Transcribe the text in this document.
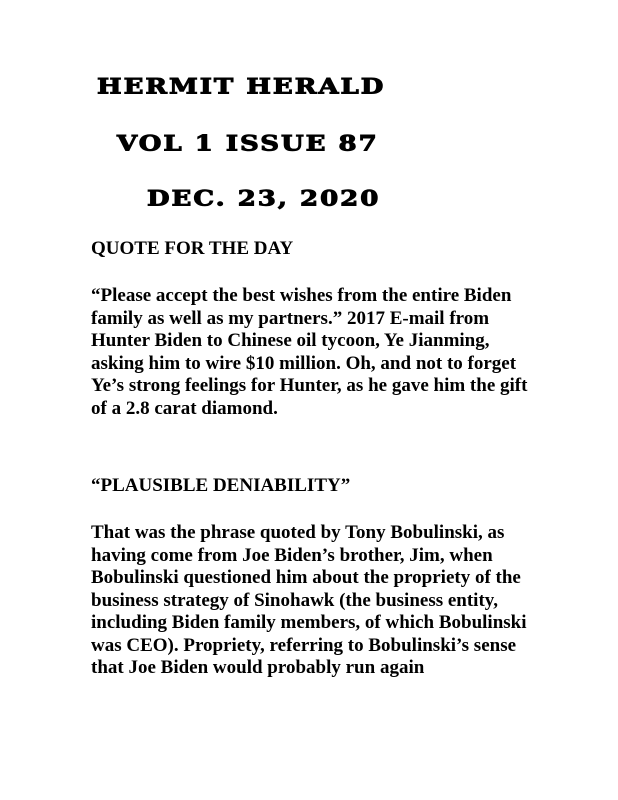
HERMIT HERALD
VOL 1 ISSUE 87
DEC. 23, 2020

QUOTE FOR THE DAY

“Please accept the best wishes from the entire Biden family as well as my partners.” 2017 E-mail from Hunter Biden to Chinese oil tycoon, Ye Jianming, asking him to wire $10 million. Oh, and not to forget Ye’s strong feelings for Hunter, as he gave him the gift of a 2.8 carat diamond.

“PLAUSIBLE DENIABILITY”

That was the phrase quoted by Tony Bobulinski, as having come from Joe Biden’s brother, Jim, when Bobulinski questioned him about the propriety of the business strategy of Sinohawk (the business entity, including Biden family members, of which Bobulinski was CEO). Propriety, referring to Bobulinski’s sense that Joe Biden would probably run again
